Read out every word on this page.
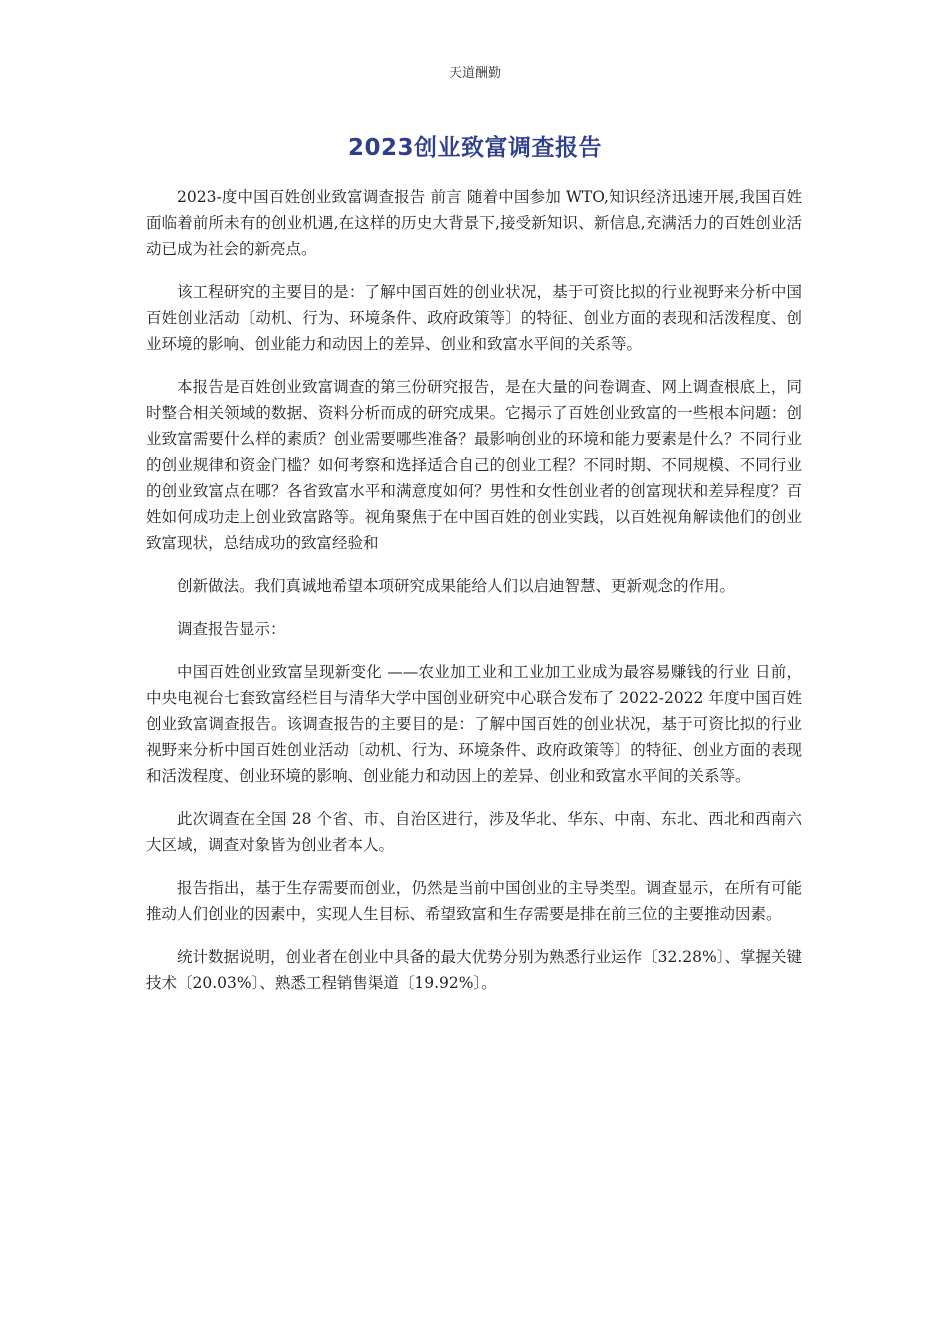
天道酬勤
2023创业致富调查报告

2023-度中国百姓创业致富调查报告 前言 随着中国参加 WTO,知识经济迅速开展,我国百姓面临着前所未有的创业机遇,在这样的历史大背景下,接受新知识、新信息,充满活力的百姓创业活动已成为社会的新亮点。

该工程研究的主要目的是：了解中国百姓的创业状况，基于可资比拟的行业视野来分析中国百姓创业活动〔动机、行为、环境条件、政府政策等〕的特征、创业方面的表现和活泼程度、创业环境的影响、创业能力和动因上的差异、创业和致富水平间的关系等。

本报告是百姓创业致富调查的第三份研究报告，是在大量的问卷调查、网上调查根底上，同时整合相关领域的数据、资料分析而成的研究成果。它揭示了百姓创业致富的一些根本问题：创业致富需要什么样的素质？创业需要哪些准备？最影响创业的环境和能力要素是什么？不同行业的创业规律和资金门槛？如何考察和选择适合自己的创业工程？不同时期、不同规模、不同行业的创业致富点在哪？各省致富水平和满意度如何？男性和女性创业者的创富现状和差异程度？百姓如何成功走上创业致富路等。视角聚焦于在中国百姓的创业实践，以百姓视角解读他们的创业致富现状，总结成功的致富经验和

创新做法。我们真诚地希望本项研究成果能给人们以启迪智慧、更新观念的作用。

调查报告显示：

中国百姓创业致富呈现新变化 ——农业加工业和工业加工业成为最容易赚钱的行业 日前，中央电视台七套致富经栏目与清华大学中国创业研究中心联合发布了 2022-2022 年度中国百姓创业致富调查报告。该调查报告的主要目的是：了解中国百姓的创业状况，基于可资比拟的行业视野来分析中国百姓创业活动〔动机、行为、环境条件、政府政策等〕的特征、创业方面的表现和活泼程度、创业环境的影响、创业能力和动因上的差异、创业和致富水平间的关系等。

此次调查在全国 28 个省、市、自治区进行，涉及华北、华东、中南、东北、西北和西南六大区域，调查对象皆为创业者本人。

报告指出，基于生存需要而创业，仍然是当前中国创业的主导类型。调查显示，在所有可能推动人们创业的因素中，实现人生目标、希望致富和生存需要是排在前三位的主要推动因素。

统计数据说明，创业者在创业中具备的最大优势分别为熟悉行业运作〔32.28%〕、掌握关键技术〔20.03%〕、熟悉工程销售渠道〔19.92%〕。
